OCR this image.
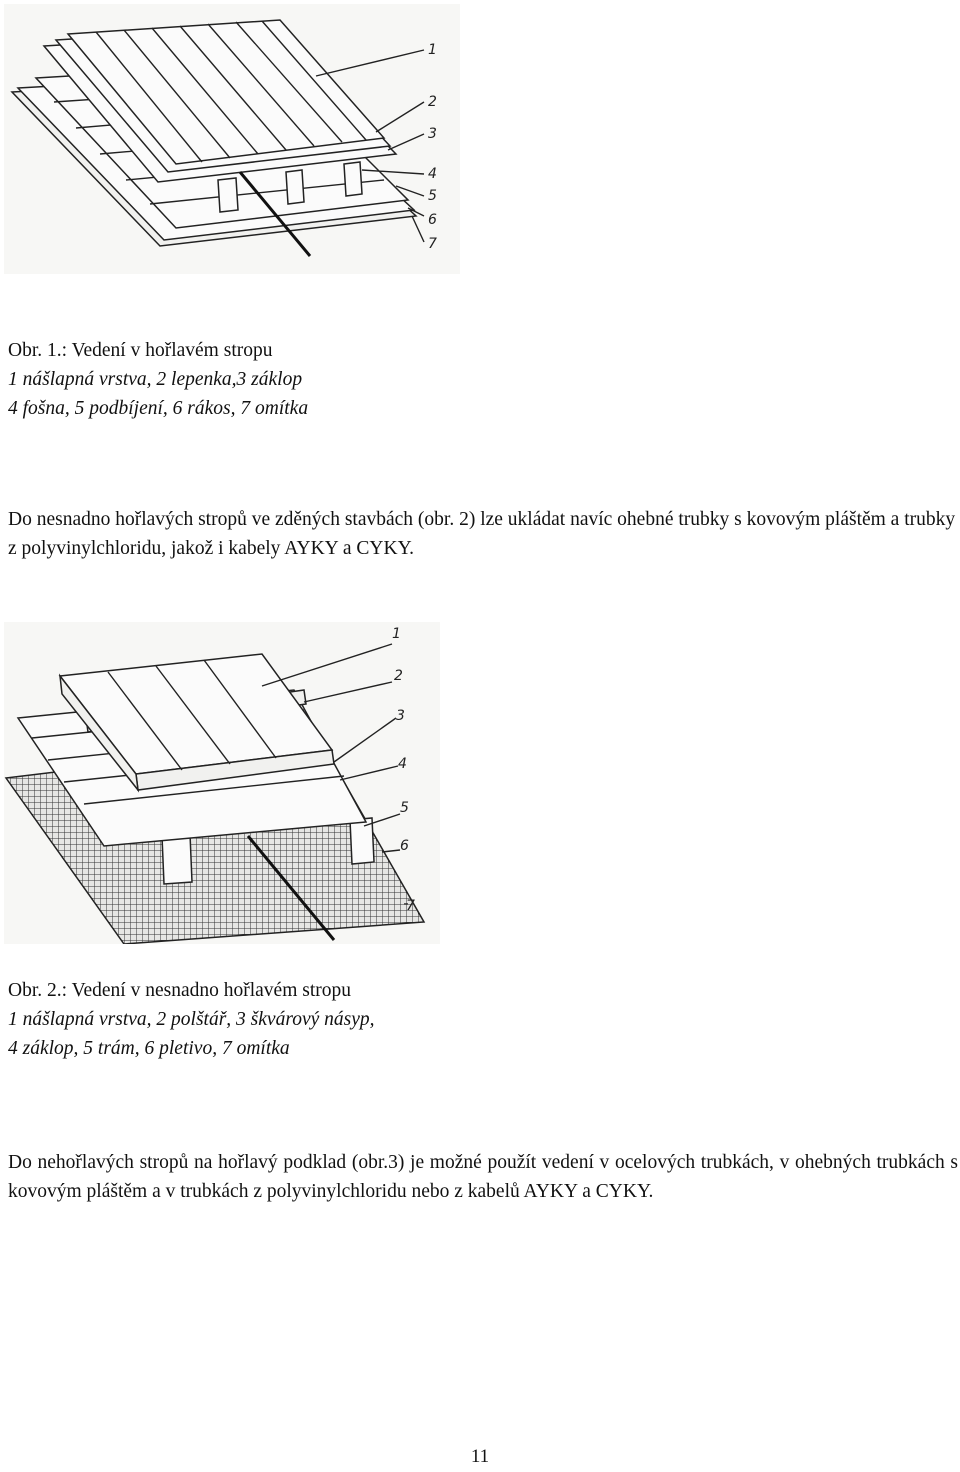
1
2
3
4
5
6
7
Obr. 1.: Vedení v hořlavém stropu
1 nášlapná vrstva, 2 lepenka,3 záklop
4 fošna, 5 podbíjení, 6 rákos, 7 omítka
Do nesnadno hořlavých stropů ve zděných stavbách (obr. 2) lze ukládat navíc ohebné trubky s kovovým pláštěm a trubky z polyvinylchloridu, jakož i kabely AYKY a CYKY.
1
2
3
4
5
6
7
Obr. 2.: Vedení v nesnadno hořlavém stropu
1 nášlapná vrstva, 2 polštář, 3 škvárový násyp,
4 záklop, 5 trám, 6 pletivo, 7 omítka
Do nehořlavých stropů na hořlavý podklad (obr.3) je možné použít vedení v ocelových trubkách, v ohebných trubkách s kovovým pláštěm a v trubkách z polyvinylchloridu nebo z kabelů AYKY a CYKY.
11
